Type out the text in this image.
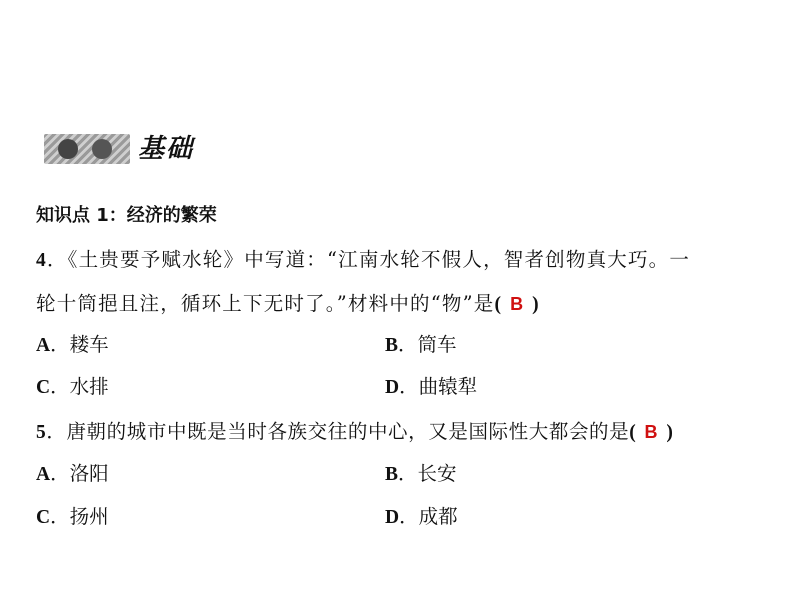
基础
知识点 1：经济的繁荣
4．《土贵要予赋水轮》中写道：“江南水轮不假人，智者创物真大巧。一
轮十筒挹且注，循环上下无时了。”材料中的“物”是( B )
A．耧车	B．筒车
C．水排	D．曲辕犁
5．唐朝的城市中既是当时各族交往的中心，又是国际性大都会的是( B )
A．洛阳	B．长安
C．扬州	D．成都
